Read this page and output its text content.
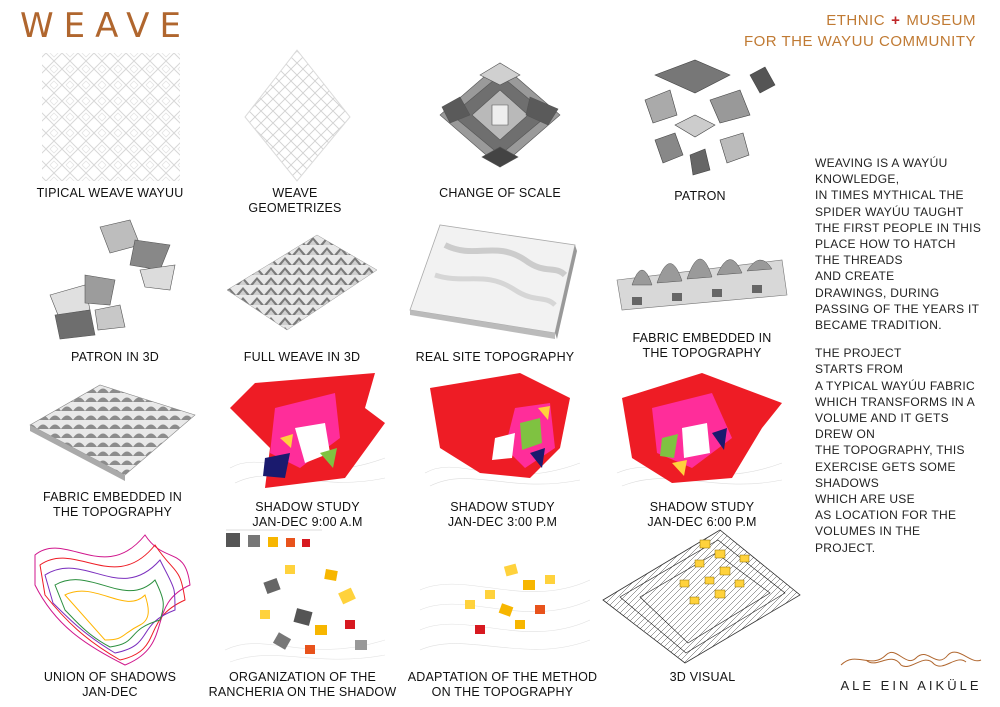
WEAVE	ETHNIC + MUSEUM
FOR THE WAYUU COMMUNITY
TIPICAL WEAVE WAYUU	WEAVE GEOMETRIZES
CHANGE OF SCALE	PATRON
PATRON IN 3D	FULL WEAVE IN 3D	REAL SITE TOPOGRAPHY
FABRIC EMBEDDED IN
THE TOPOGRAPHY
FABRIC EMBEDDED IN
THE TOPOGRAPHY	SHADOW STUDY
JAN-DEC 9:00 A.M
SHADOW STUDY
JAN-DEC 3:00 P.M
SHADOW STUDY
JAN-DEC 6:00 P.M
UNION OF SHADOWS
JAN-DEC
ORGANIZATION OF THE
RANCHERIA ON THE SHADOW
ADAPTATION OF THE METHOD
ON THE TOPOGRAPHY
3D VISUAL

WEAVING IS A WAYÚU
KNOWLEDGE,
IN TIMES MYTHICAL THE
SPIDER WAYÚU TAUGHT
THE FIRST PEOPLE IN THIS
PLACE HOW TO HATCH
THE THREADS
AND CREATE
DRAWINGS, DURING
PASSING OF THE YEARS IT
BECAME TRADITION.

THE PROJECT
STARTS FROM
A TYPICAL WAYÚU FABRIC
WHICH TRANSFORMS IN A
VOLUME AND IT GETS
DREW ON
THE TOPOGRAPHY, THIS
EXERCISE GETS SOME
SHADOWS
WHICH ARE USE
AS LOCATION FOR THE
VOLUMES IN THE
PROJECT.

ALE EIN AIKÜLE
